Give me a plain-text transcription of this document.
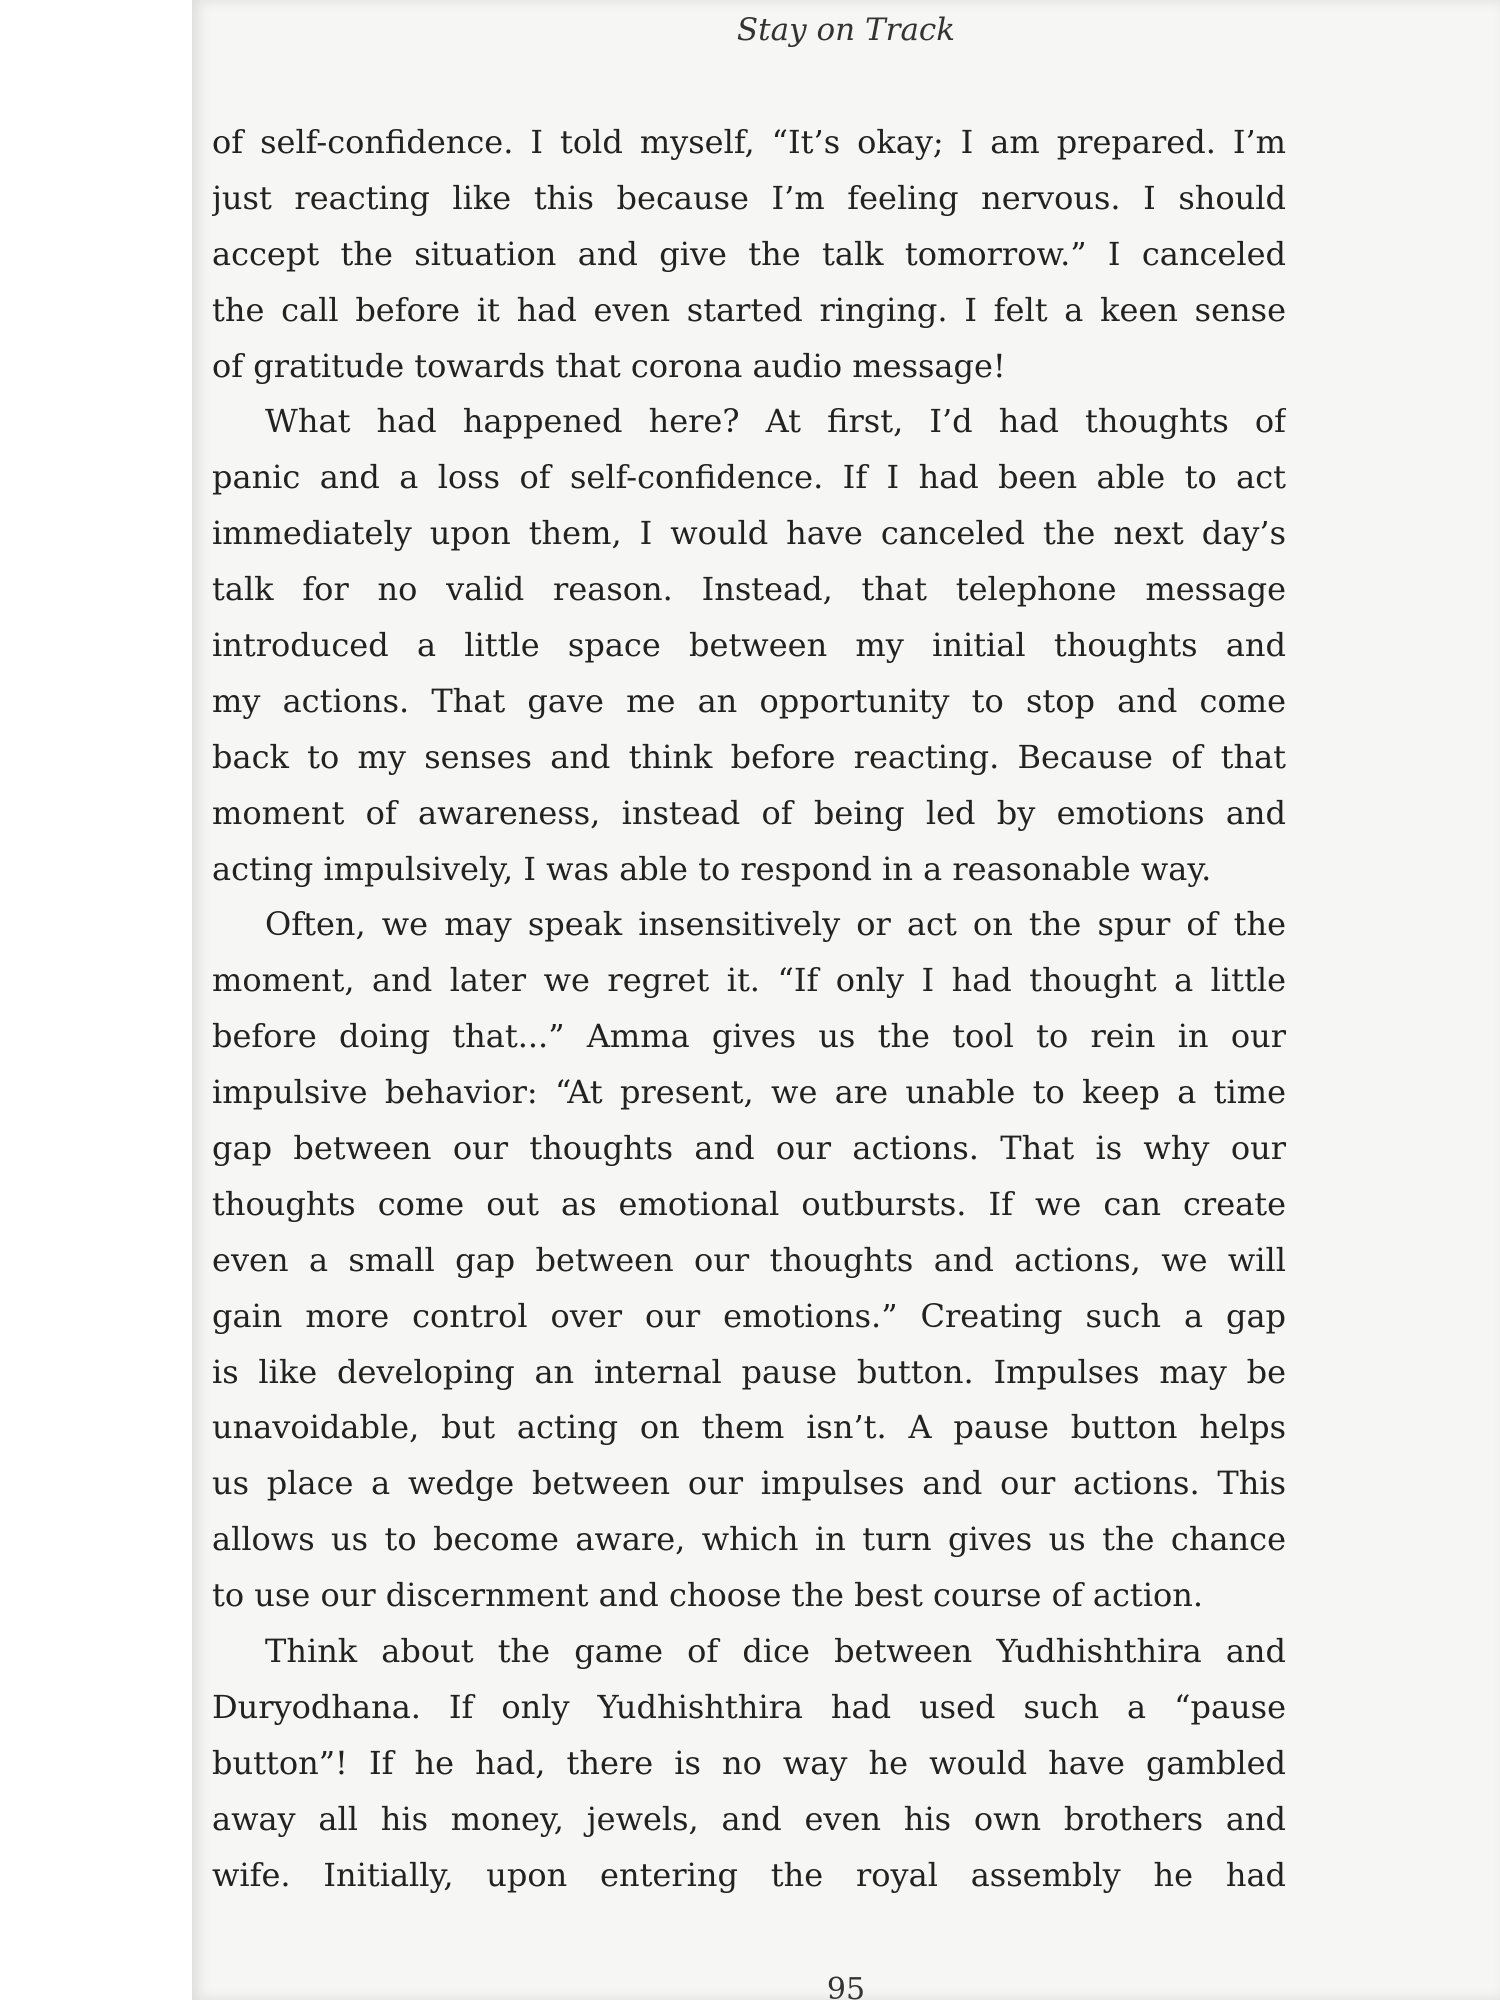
Stay on Track
of self-confidence. I told myself, “It’s okay; I am prepared. I’m
just reacting like this because I’m feeling nervous. I should
accept the situation and give the talk tomorrow.” I canceled
the call before it had even started ringing. I felt a keen sense
of gratitude towards that corona audio message!
What had happened here? At first, I’d had thoughts of
panic and a loss of self-confidence. If I had been able to act
immediately upon them, I would have canceled the next day’s
talk for no valid reason. Instead, that telephone message
introduced a little space between my initial thoughts and
my actions. That gave me an opportunity to stop and come
back to my senses and think before reacting. Because of that
moment of awareness, instead of being led by emotions and
acting impulsively, I was able to respond in a reasonable way.
Often, we may speak insensitively or act on the spur of the
moment, and later we regret it. “If only I had thought a little
before doing that...” Amma gives us the tool to rein in our
impulsive behavior: “At present, we are unable to keep a time
gap between our thoughts and our actions. That is why our
thoughts come out as emotional outbursts. If we can create
even a small gap between our thoughts and actions, we will
gain more control over our emotions.” Creating such a gap
is like developing an internal pause button. Impulses may be
unavoidable, but acting on them isn’t. A pause button helps
us place a wedge between our impulses and our actions. This
allows us to become aware, which in turn gives us the chance
to use our discernment and choose the best course of action.
Think about the game of dice between Yudhishthira and
Duryodhana. If only Yudhishthira had used such a “pause
button”! If he had, there is no way he would have gambled
away all his money, jewels, and even his own brothers and
wife. Initially, upon entering the royal assembly he had
95
